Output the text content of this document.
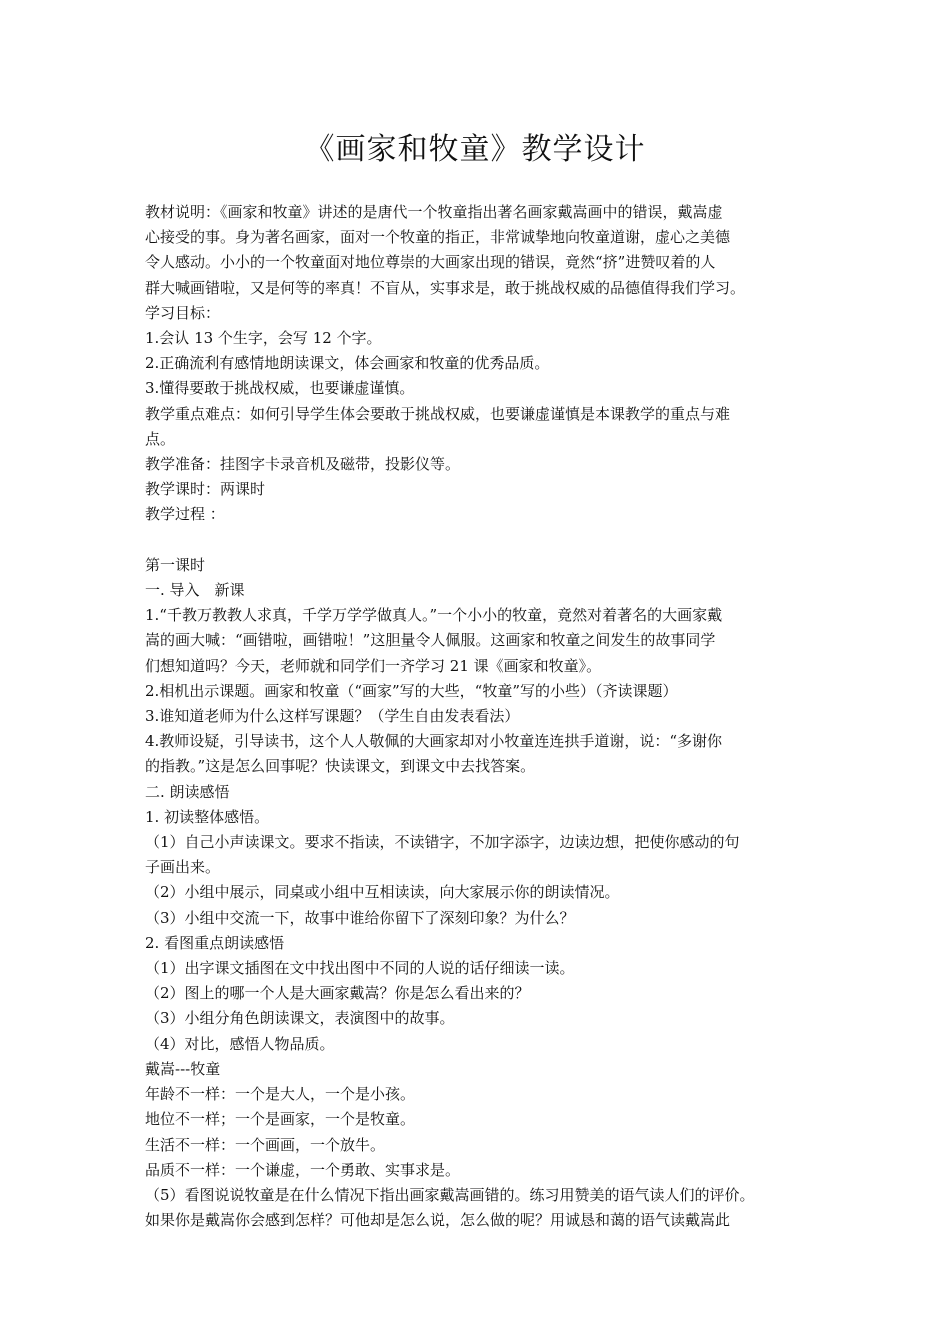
《画家和牧童》教学设计

教材说明：《画家和牧童》讲述的是唐代一个牧童指出著名画家戴嵩画中的错误，戴嵩虚

心接受的事。身为著名画家，面对一个牧童的指正，非常诚挚地向牧童道谢，虚心之美德

令人感动。小小的一个牧童面对地位尊崇的大画家出现的错误，竟然“挤”进赞叹着的人

群大喊画错啦，又是何等的率真！不盲从，实事求是，敢于挑战权威的品德值得我们学习。

学习目标：

1.会认 13 个生字，会写 12 个字。

2.正确流利有感情地朗读课文，体会画家和牧童的优秀品质。

3.懂得要敢于挑战权威，也要谦虚谨慎。

教学重点难点：如何引导学生体会要敢于挑战权威，也要谦虚谨慎是本课教学的重点与难

点。

教学准备：挂图字卡录音机及磁带，投影仪等。

教学课时：两课时

教学过程 ：

第一课时

一. 导入　新课

1.“千教万教教人求真，千学万学学做真人。”一个小小的牧童，竟然对着著名的大画家戴

嵩的画大喊：“画错啦，画错啦！”这胆量令人佩服。这画家和牧童之间发生的故事同学

们想知道吗？今天，老师就和同学们一齐学习 21 课《画家和牧童》。

2.相机出示课题。画家和牧童（“画家”写的大些，“牧童”写的小些）（齐读课题）

3.谁知道老师为什么这样写课题？（学生自由发表看法）

4.教师设疑，引导读书，这个人人敬佩的大画家却对小牧童连连拱手道谢，说：“多谢你

的指教。”这是怎么回事呢？快读课文，到课文中去找答案。

二. 朗读感悟

1. 初读整体感悟。

（1）自己小声读课文。要求不指读，不读错字，不加字添字，边读边想，把使你感动的句

子画出来。

（2）小组中展示，同桌或小组中互相读读，向大家展示你的朗读情况。

（3）小组中交流一下，故事中谁给你留下了深刻印象？为什么？

2. 看图重点朗读感悟

（1）出字课文插图在文中找出图中不同的人说的话仔细读一读。

（2）图上的哪一个人是大画家戴嵩？你是怎么看出来的？

（3）小组分角色朗读课文，表演图中的故事。

（4）对比，感悟人物品质。

戴嵩---牧童

年龄不一样：一个是大人，一个是小孩。

地位不一样；一个是画家，一个是牧童。

生活不一样：一个画画，一个放牛。

品质不一样：一个谦虚，一个勇敢、实事求是。

（5）看图说说牧童是在什么情况下指出画家戴嵩画错的。练习用赞美的语气读人们的评价。

如果你是戴嵩你会感到怎样？可他却是怎么说，怎么做的呢？用诚恳和蔼的语气读戴嵩此
